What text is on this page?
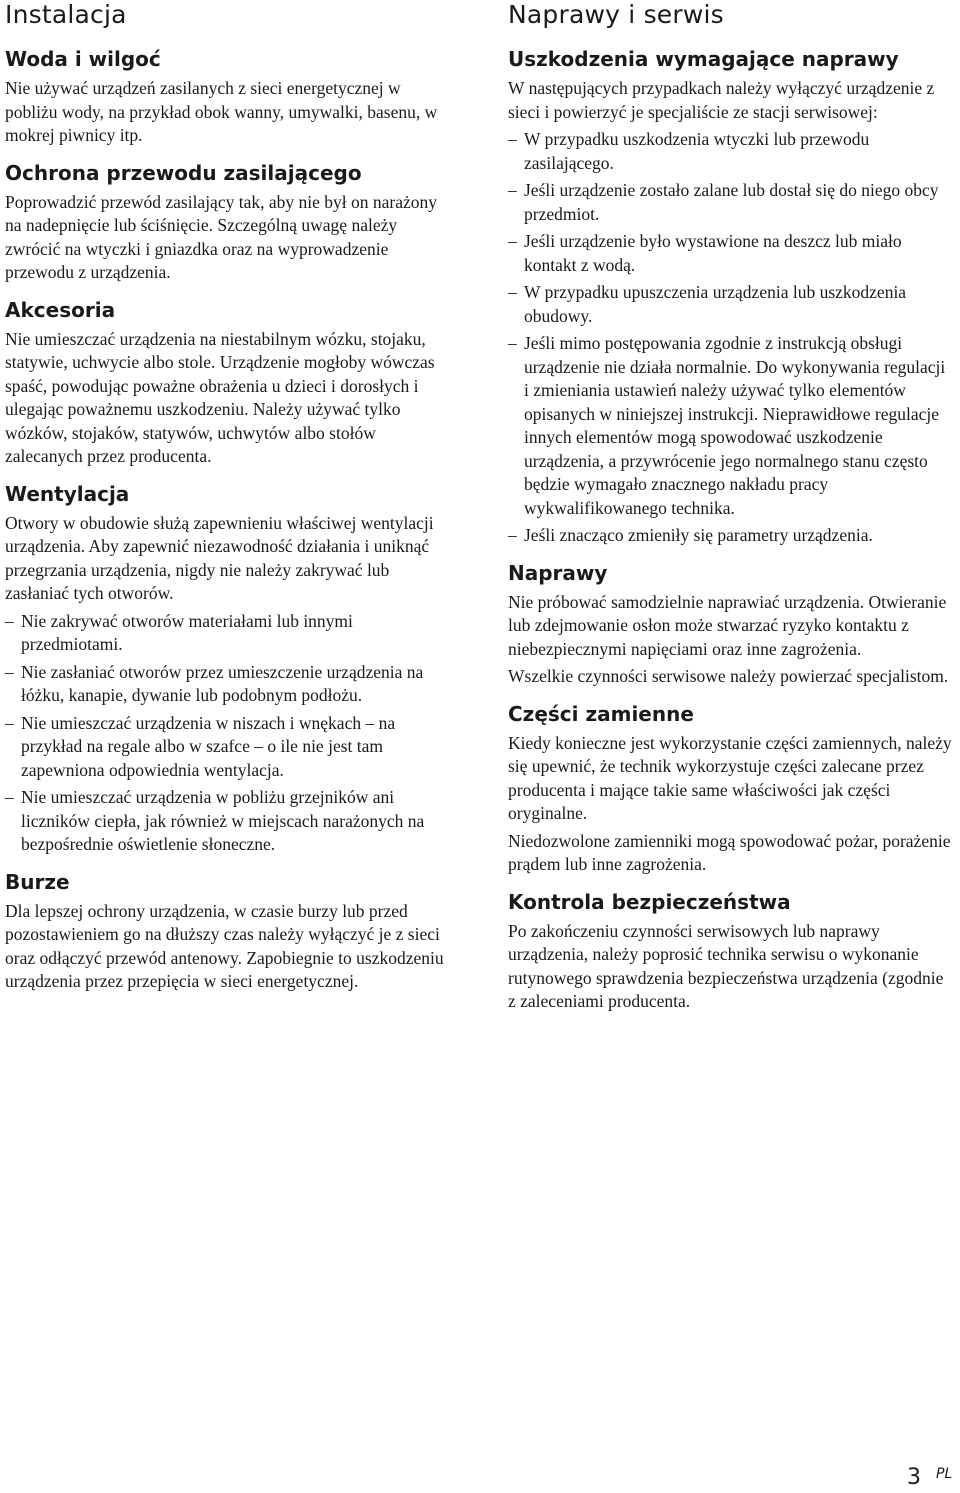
Instalacja
Woda i wilgoć

Nie używać urządzeń zasilanych z sieci energetycznej w pobliżu wody, na przykład obok wanny, umywalki, basenu, w mokrej piwnicy itp.

Ochrona przewodu zasilającego

Poprowadzić przewód zasilający tak, aby nie był on narażony na nadepnięcie lub ściśnięcie. Szczególną uwagę należy zwrócić na wtyczki i gniazdka oraz na wyprowadzenie przewodu z urządzenia.

Akcesoria

Nie umieszczać urządzenia na niestabilnym wózku, stojaku, statywie, uchwycie albo stole. Urządzenie mogłoby wówczas spaść, powodując poważne obrażenia u dzieci i dorosłych i ulegając poważnemu uszkodzeniu. Należy używać tylko wózków, stojaków, statywów, uchwytów albo stołów zalecanych przez producenta.

Wentylacja

Otwory w obudowie służą zapewnieniu właściwej wentylacji urządzenia. Aby zapewnić niezawodność działania i uniknąć przegrzania urządzenia, nigdy nie należy zakrywać lub zasłaniać tych otworów.

– Nie zakrywać otworów materiałami lub innymi przedmiotami.
– Nie zasłaniać otworów przez umieszczenie urządzenia na łóżku, kanapie, dywanie lub podobnym podłożu.
– Nie umieszczać urządzenia w niszach i wnękach – na przykład na regale albo w szafce – o ile nie jest tam zapewniona odpowiednia wentylacja.
– Nie umieszczać urządzenia w pobliżu grzejników ani liczników ciepła, jak również w miejscach narażonych na bezpośrednie oświetlenie słoneczne.
Burze

Dla lepszej ochrony urządzenia, w czasie burzy lub przed pozostawieniem go na dłuższy czas należy wyłączyć je z sieci oraz odłączyć przewód antenowy. Zapobiegnie to uszkodzeniu urządzenia przez przepięcia w sieci energetycznej.

Naprawy i serwis
Uszkodzenia wymagające naprawy

W następujących przypadkach należy wyłączyć urządzenie z sieci i powierzyć je specjaliście ze stacji serwisowej:

– W przypadku uszkodzenia wtyczki lub przewodu zasilającego.
– Jeśli urządzenie zostało zalane lub dostał się do niego obcy przedmiot.
– Jeśli urządzenie było wystawione na deszcz lub miało kontakt z wodą.
– W przypadku upuszczenia urządzenia lub uszkodzenia obudowy.
– Jeśli mimo postępowania zgodnie z instrukcją obsługi urządzenie nie działa normalnie. Do wykonywania regulacji i zmieniania ustawień należy używać tylko elementów opisanych w niniejszej instrukcji. Nieprawidłowe regulacje innych elementów mogą spowodować uszkodzenie urządzenia, a przywrócenie jego normalnego stanu często będzie wymagało znacznego nakładu pracy wykwalifikowanego technika.
– Jeśli znacząco zmieniły się parametry urządzenia.
Naprawy

Nie próbować samodzielnie naprawiać urządzenia. Otwieranie lub zdejmowanie osłon może stwarzać ryzyko kontaktu z niebezpiecznymi napięciami oraz inne zagrożenia.

Wszelkie czynności serwisowe należy powierzać specjalistom.

Części zamienne

Kiedy konieczne jest wykorzystanie części zamiennych, należy się upewnić, że technik wykorzystuje części zalecane przez producenta i mające takie same właściwości jak części oryginalne.

Niedozwolone zamienniki mogą spowodować pożar, porażenie prądem lub inne zagrożenia.

Kontrola bezpieczeństwa

Po zakończeniu czynności serwisowych lub naprawy urządzenia, należy poprosić technika serwisu o wykonanie rutynowego sprawdzenia bezpieczeństwa urządzenia (zgodnie z zaleceniami producenta.

3 PL
